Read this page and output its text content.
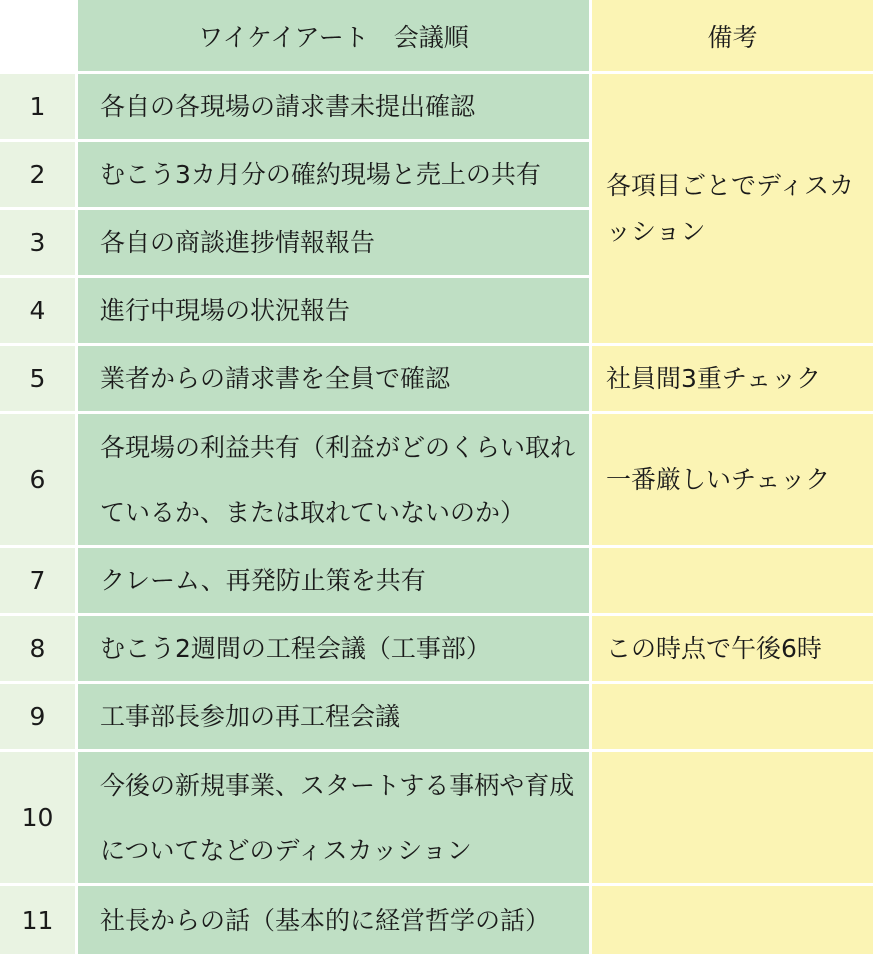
	ワイケイアート　会議順	備考
1	各自の各現場の請求書未提出確認	各項目ごとでディスカッション
2	むこう3カ月分の確約現場と売上の共有	
3	各自の商談進捗情報報告	
4	進行中現場の状況報告	
5	業者からの請求書を全員で確認	社員間3重チェック
6	各現場の利益共有（利益がどのくらい取れているか、または取れていないのか）	一番厳しいチェック
7	クレーム、再発防止策を共有	
8	むこう2週間の工程会議（工事部）	この時点で午後6時
9	工事部長参加の再工程会議	
10	今後の新規事業、スタートする事柄や育成についてなどのディスカッション	
11	社長からの話（基本的に経営哲学の話）	
